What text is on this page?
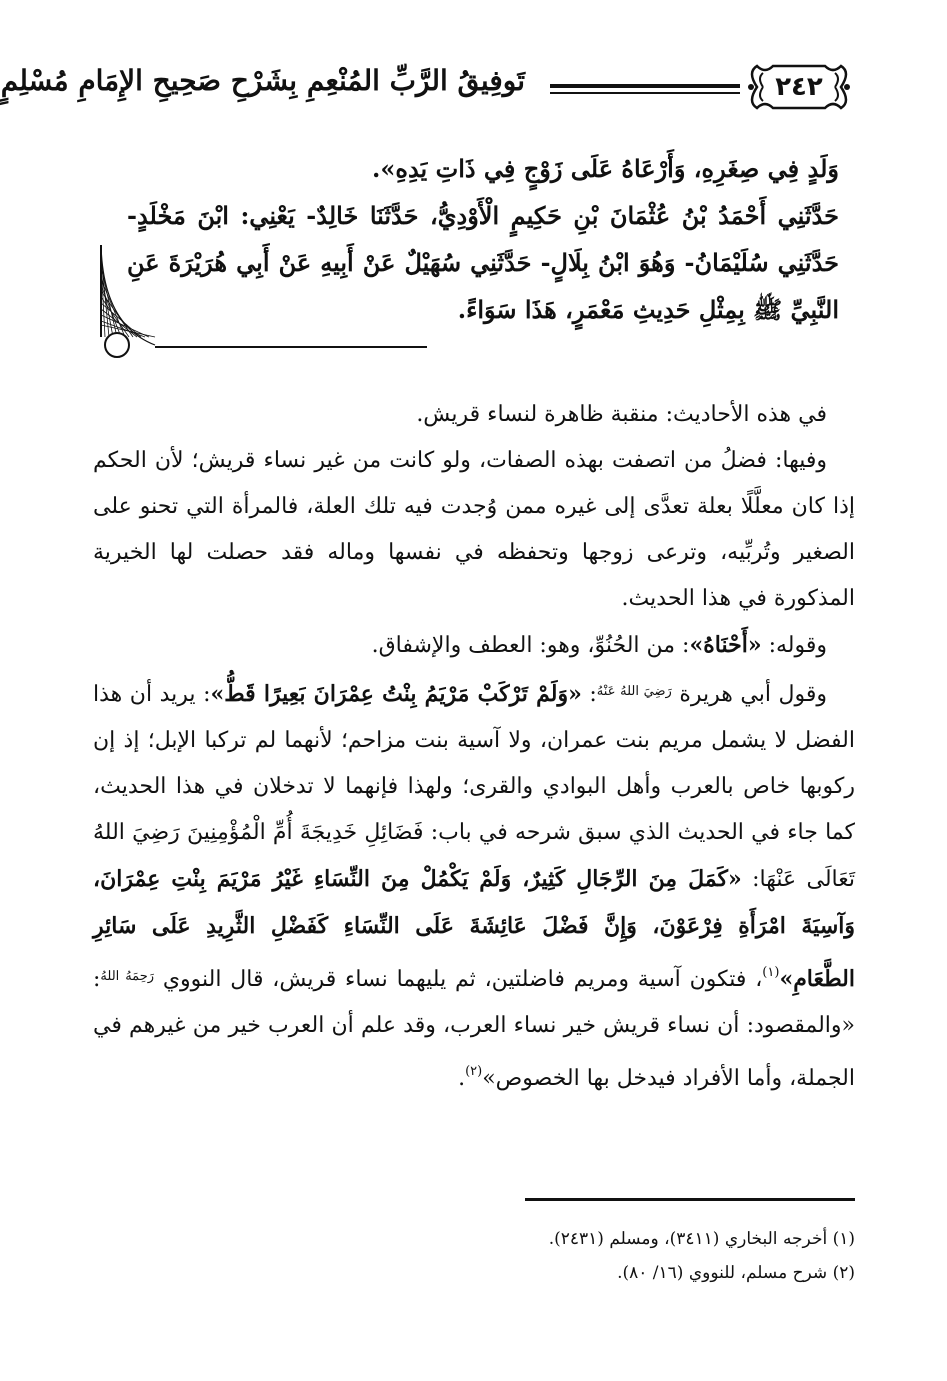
٢٤٢
تَوفِيقُ الرَّبِّ المُنْعِمِ بِشَرْحِ صَحِيحِ الإِمَامِ مُسْلِمٍ

وَلَدٍ فِي صِغَرِهِ، وَأَرْعَاهُ عَلَى زَوْجٍ فِي ذَاتِ يَدِهِ».

حَدَّثَنِي أَحْمَدُ بْنُ عُثْمَانَ بْنِ حَكِيمٍ الْأَوْدِيُّ، حَدَّثَنَا خَالِدٌ- يَعْنِي: ابْنَ مَخْلَدٍ- حَدَّثَنِي سُلَيْمَانُ- وَهُوَ ابْنُ بِلَالٍ- حَدَّثَنِي سُهَيْلٌ عَنْ أَبِيهِ عَنْ أَبِي هُرَيْرَةَ عَنِ النَّبِيِّ ﷺ بِمِثْلِ حَدِيثِ مَعْمَرٍ، هَذَا سَوَاءً.

في هذه الأحاديث: منقبة ظاهرة لنساء قريش.

وفيها: فضلُ من اتصفت بهذه الصفات، ولو كانت من غير نساء قريش؛ لأن الحكم إذا كان معلَّلًا بعلة تعدَّى إلى غيره ممن وُجدت فيه تلك العلة، فالمرأة التي تحنو على الصغير وتُربِّيه، وترعى زوجها وتحفظه في نفسها وماله فقد حصلت لها الخيرية المذكورة في هذا الحديث.

وقوله: «أَحْنَاهُ»: من الحُنُوِّ، وهو: العطف والإشفاق.

وقول أبي هريرة $^{رَضِيَ اللهُ عَنْهُ}$: «وَلَمْ تَرْكَبْ مَرْيَمُ بِنْتُ عِمْرَانَ بَعِيرًا قَطُّ»: يريد أن هذا الفضل لا يشمل مريم بنت عمران، ولا آسية بنت مزاحم؛ لأنهما لم تركبا الإبل؛ إذ إن ركوبها خاص بالعرب وأهل البوادي والقرى؛ ولهذا فإنهما لا تدخلان في هذا الحديث، كما جاء في الحديث الذي سبق شرحه في باب: فَضَائِلِ خَدِيجَةَ أُمِّ الْمُؤْمِنِينَ رَضِيَ اللهُ تَعَالَى عَنْهَا: «كَمَلَ مِنَ الرِّجَالِ كَثِيرٌ، وَلَمْ يَكْمُلْ مِنَ النِّسَاءِ غَيْرُ مَرْيَمَ بِنْتِ عِمْرَانَ، وَآسِيَةَ امْرَأَةِ فِرْعَوْنَ، وَإِنَّ فَضْلَ عَائِشَةَ عَلَى النِّسَاءِ كَفَضْلِ الثَّرِيدِ عَلَى سَائِرِ الطَّعَامِ»$^{(١)}$، فتكون آسية ومريم فاضلتين، ثم يليهما نساء قريش، قال النووي $^{رَحِمَهُ اللهُ}$: «والمقصود: أن نساء قريش خير نساء العرب، وقد علم أن العرب خير من غيرهم في الجملة، وأما الأفراد فيدخل بها الخصوص»$^{(٢)}$.

(١) أخرجه البخاري (٣٤١١)، ومسلم (٢٤٣١).

(٢) شرح مسلم، للنووي (١٦/ ٨٠).
